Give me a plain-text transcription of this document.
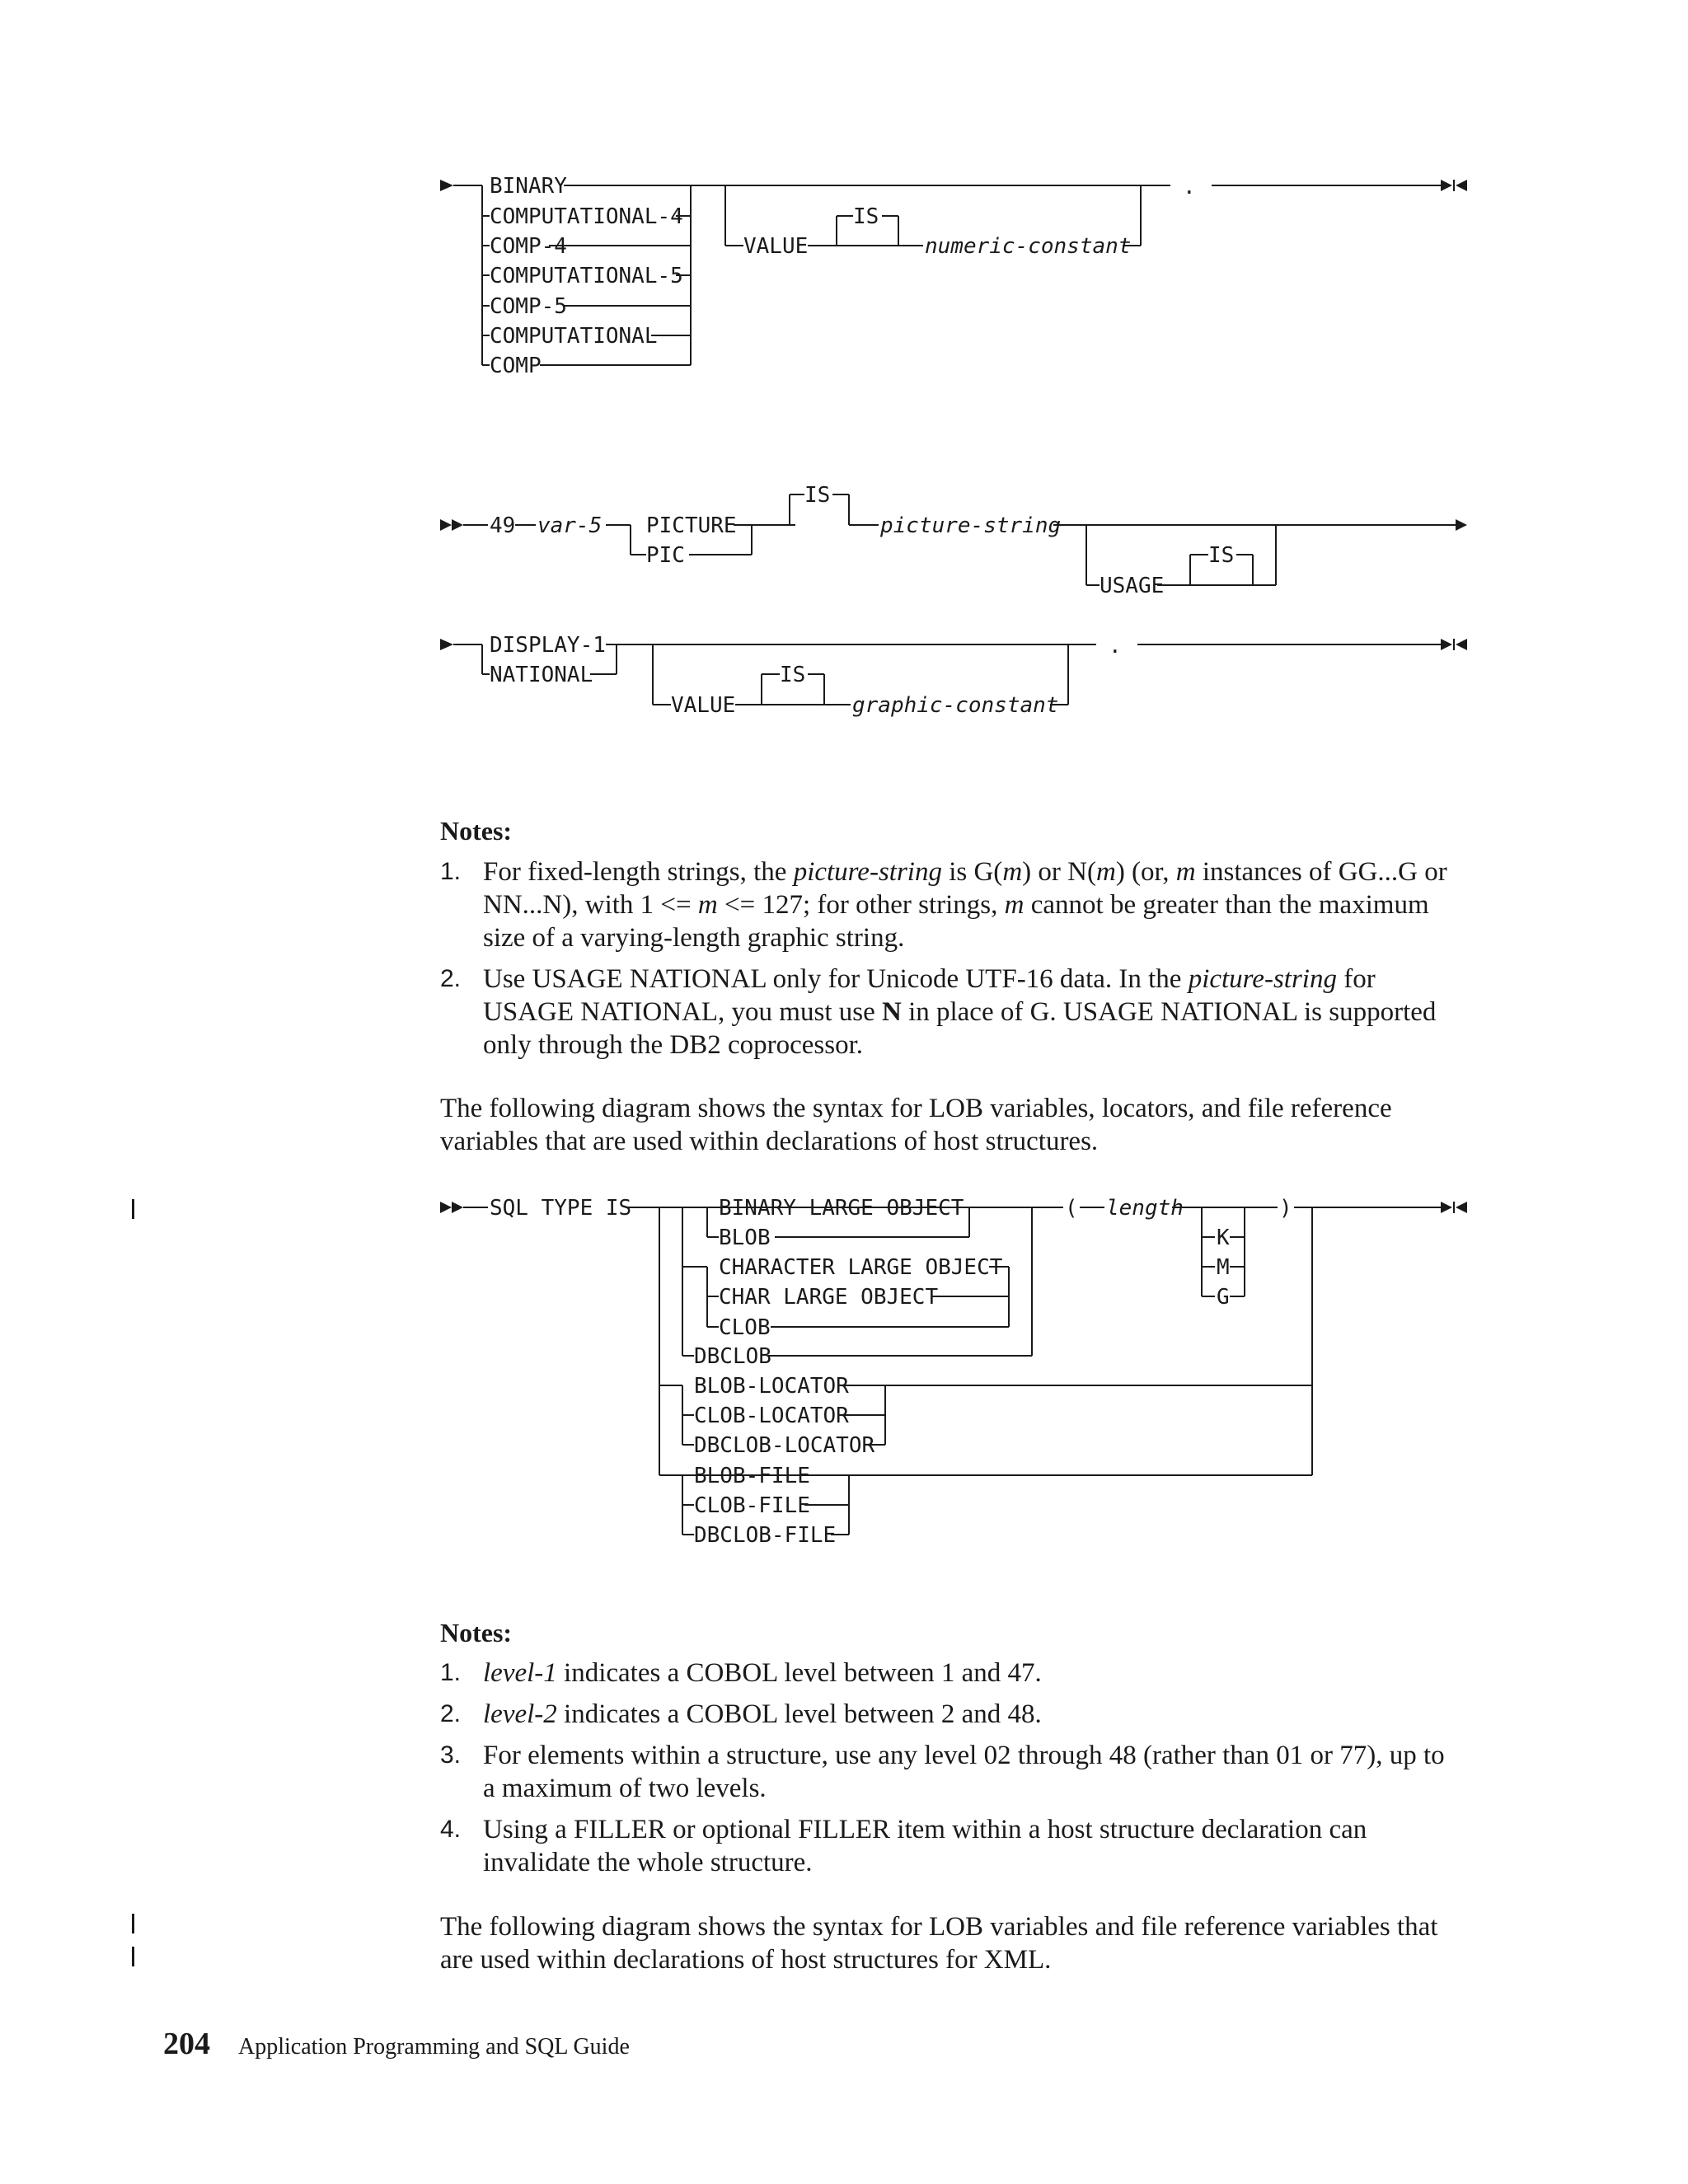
BINARY
COMPUTATIONAL-4
COMP-4
COMPUTATIONAL-5
COMP-5
COMPUTATIONAL
COMP
VALUE
IS
numeric-constant
.
49 var-5 PICTURE
PIC
IS
picture-string
USAGE
IS
DISPLAY-1
NATIONAL
VALUE
IS
graphic-constant
.
Notes:
1. For fixed-length strings, the picture-string is G(m) or N(m) (or, m instances of GG...G or NN...N), with 1 <= m <= 127; for other strings, m cannot be greater than the maximum size of a varying-length graphic string.
2. Use USAGE NATIONAL only for Unicode UTF-16 data. In the picture-string for USAGE NATIONAL, you must use N in place of G. USAGE NATIONAL is supported only through the DB2 coprocessor.
The following diagram shows the syntax for LOB variables, locators, and file reference variables that are used within declarations of host structures.
SQL TYPE IS	BINARY LARGE OBJECT
BLOB
CHARACTER LARGE OBJECT
CHAR LARGE OBJECT
CLOB
DBCLOB
( length
K
M
G
)
BLOB-LOCATOR
CLOB-LOCATOR
DBCLOB-LOCATOR
BLOB-FILE
CLOB-FILE
DBCLOB-FILE
Notes:
1. level-1 indicates a COBOL level between 1 and 47.
2. level-2 indicates a COBOL level between 2 and 48.
3. For elements within a structure, use any level 02 through 48 (rather than 01 or 77), up to a maximum of two levels.
4. Using a FILLER or optional FILLER item within a host structure declaration can invalidate the whole structure.
The following diagram shows the syntax for LOB variables and file reference variables that are used within declarations of host structures for XML.
204 Application Programming and SQL Guide
